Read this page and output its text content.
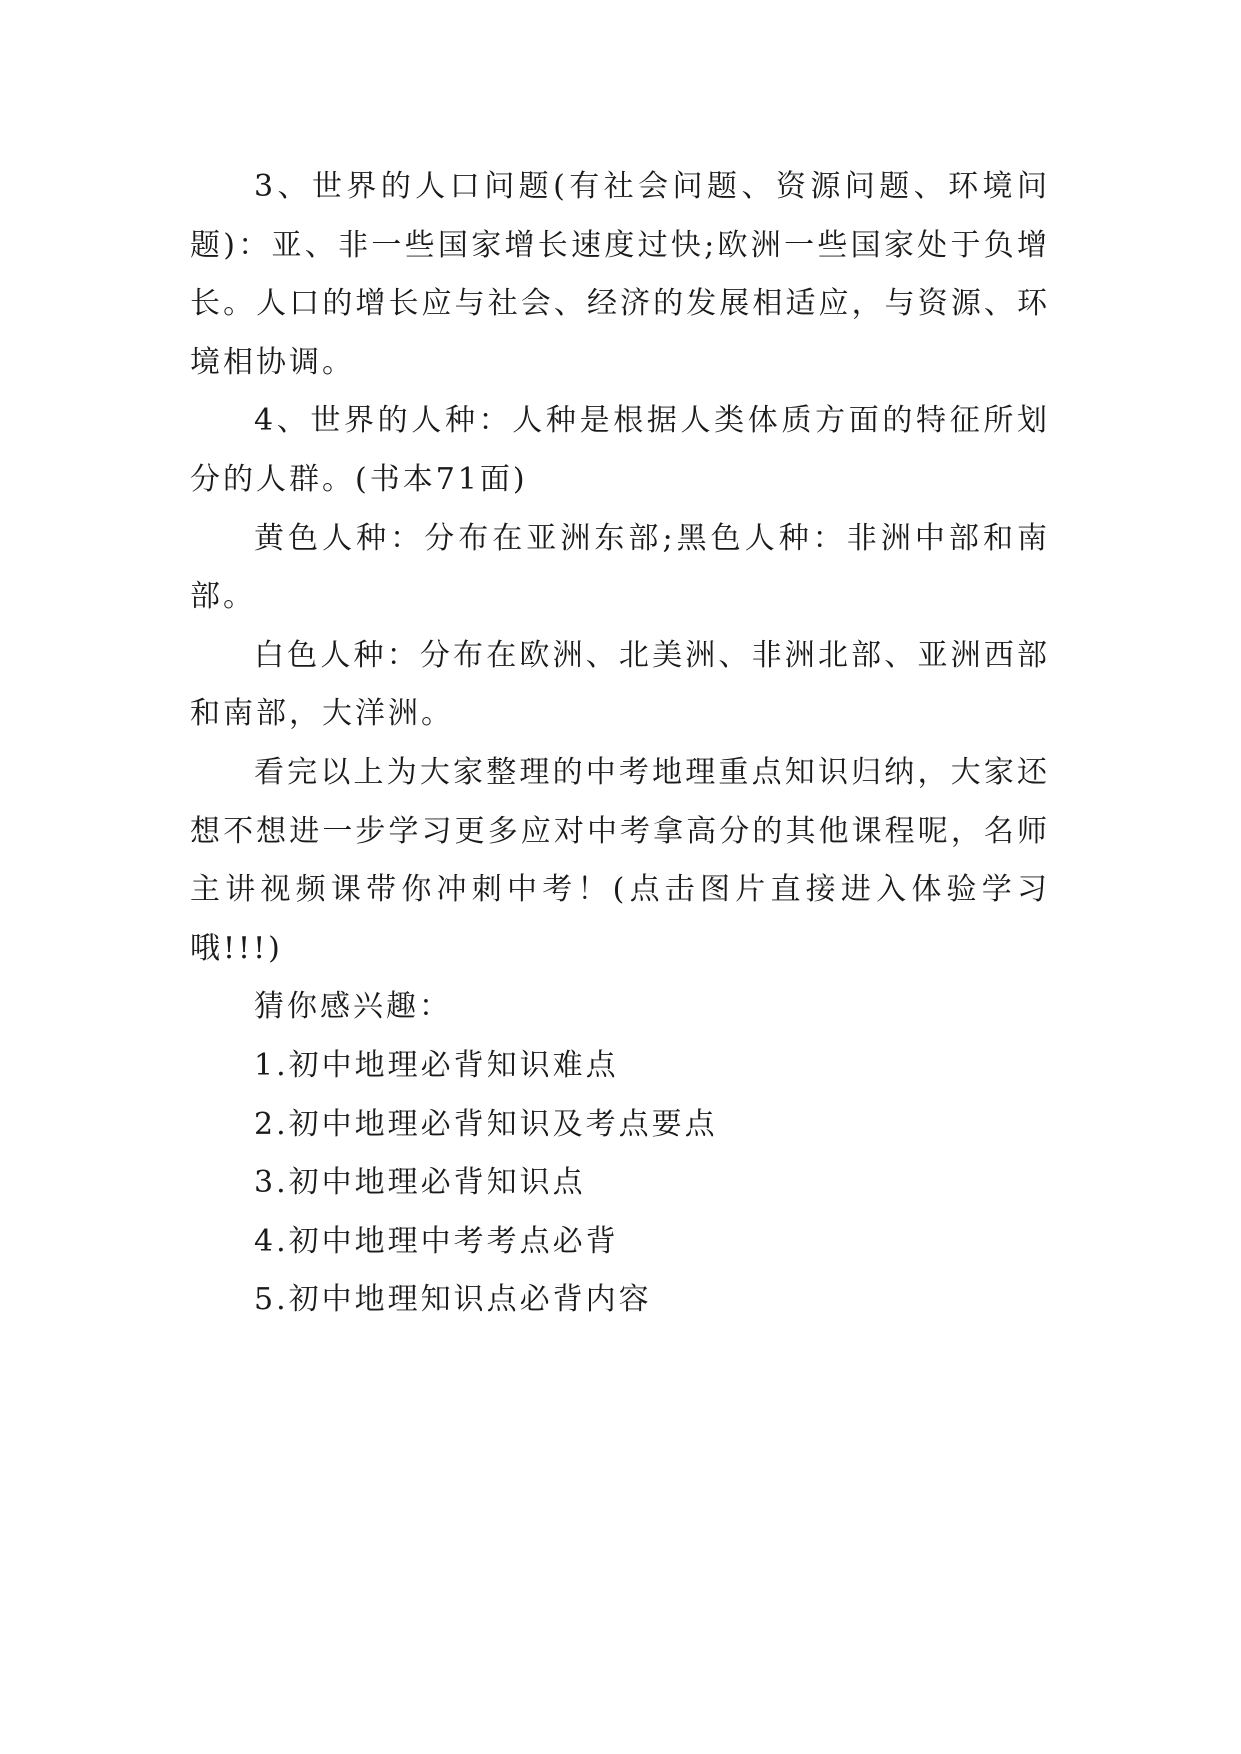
3、世界的人口问题(有社会问题、资源问题、环境问题)：亚、非一些国家增长速度过快;欧洲一些国家处于负增长。人口的增长应与社会、经济的发展相适应，与资源、环境相协调。

4、世界的人种：人种是根据人类体质方面的特征所划分的人群。(书本71面)

黄色人种：分布在亚洲东部;黑色人种：非洲中部和南部。

白色人种：分布在欧洲、北美洲、非洲北部、亚洲西部和南部，大洋洲。

看完以上为大家整理的中考地理重点知识归纳，大家还想不想进一步学习更多应对中考拿高分的其他课程呢，名师主讲视频课带你冲刺中考！(点击图片直接进入体验学习哦!!!)

猜你感兴趣：

1.初中地理必背知识难点

2.初中地理必背知识及考点要点

3.初中地理必背知识点

4.初中地理中考考点必背

5.初中地理知识点必背内容
